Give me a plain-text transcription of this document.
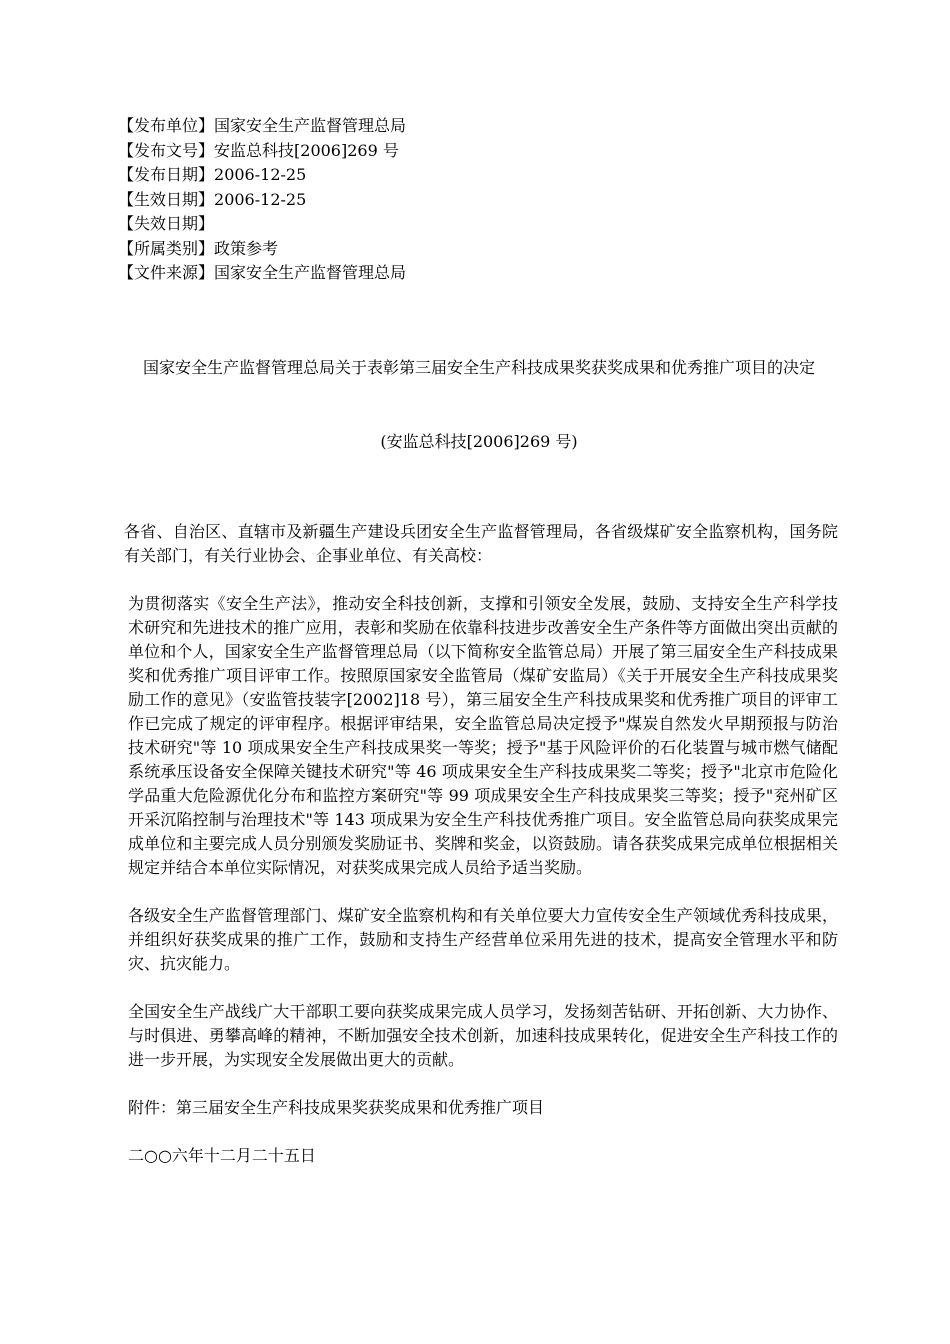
【发布单位】国家安全生产监督管理总局
【发布文号】安监总科技[2006]269 号
【发布日期】2006-12-25
【生效日期】2006-12-25
【失效日期】
【所属类别】政策参考
【文件来源】国家安全生产监督管理总局
国家安全生产监督管理总局关于表彰第三届安全生产科技成果奖获奖成果和优秀推广项目的决定
(安监总科技[2006]269 号)

各省、自治区、直辖市及新疆生产建设兵团安全生产监督管理局，各省级煤矿安全监察机构，国务院有关部门，有关行业协会、企事业单位、有关高校：

为贯彻落实《安全生产法》，推动安全科技创新，支撑和引领安全发展，鼓励、支持安全生产科学技术研究和先进技术的推广应用，表彰和奖励在依靠科技进步改善安全生产条件等方面做出突出贡献的单位和个人，国家安全生产监督管理总局（以下简称安全监管总局）开展了第三届安全生产科技成果奖和优秀推广项目评审工作。按照原国家安全监管局（煤矿安监局）《关于开展安全生产科技成果奖励工作的意见》（安监管技装字[2002]18 号），第三届安全生产科技成果奖和优秀推广项目的评审工作已完成了规定的评审程序。根据评审结果，安全监管总局决定授予"煤炭自然发火早期预报与防治技术研究"等 10 项成果安全生产科技成果奖一等奖；授予"基于风险评价的石化装置与城市燃气储配系统承压设备安全保障关键技术研究"等 46 项成果安全生产科技成果奖二等奖；授予"北京市危险化学品重大危险源优化分布和监控方案研究"等 99 项成果安全生产科技成果奖三等奖；授予"兖州矿区开采沉陷控制与治理技术"等 143 项成果为安全生产科技优秀推广项目。安全监管总局向获奖成果完成单位和主要完成人员分别颁发奖励证书、奖牌和奖金，以资鼓励。请各获奖成果完成单位根据相关规定并结合本单位实际情况，对获奖成果完成人员给予适当奖励。

各级安全生产监督管理部门、煤矿安全监察机构和有关单位要大力宣传安全生产领域优秀科技成果，并组织好获奖成果的推广工作，鼓励和支持生产经营单位采用先进的技术，提高安全管理水平和防灾、抗灾能力。

全国安全生产战线广大干部职工要向获奖成果完成人员学习，发扬刻苦钻研、开拓创新、大力协作、与时俱进、勇攀高峰的精神，不断加强安全技术创新，加速科技成果转化，促进安全生产科技工作的进一步开展，为实现安全发展做出更大的贡献。

附件：第三届安全生产科技成果奖获奖成果和优秀推广项目

二○○六年十二月二十五日
